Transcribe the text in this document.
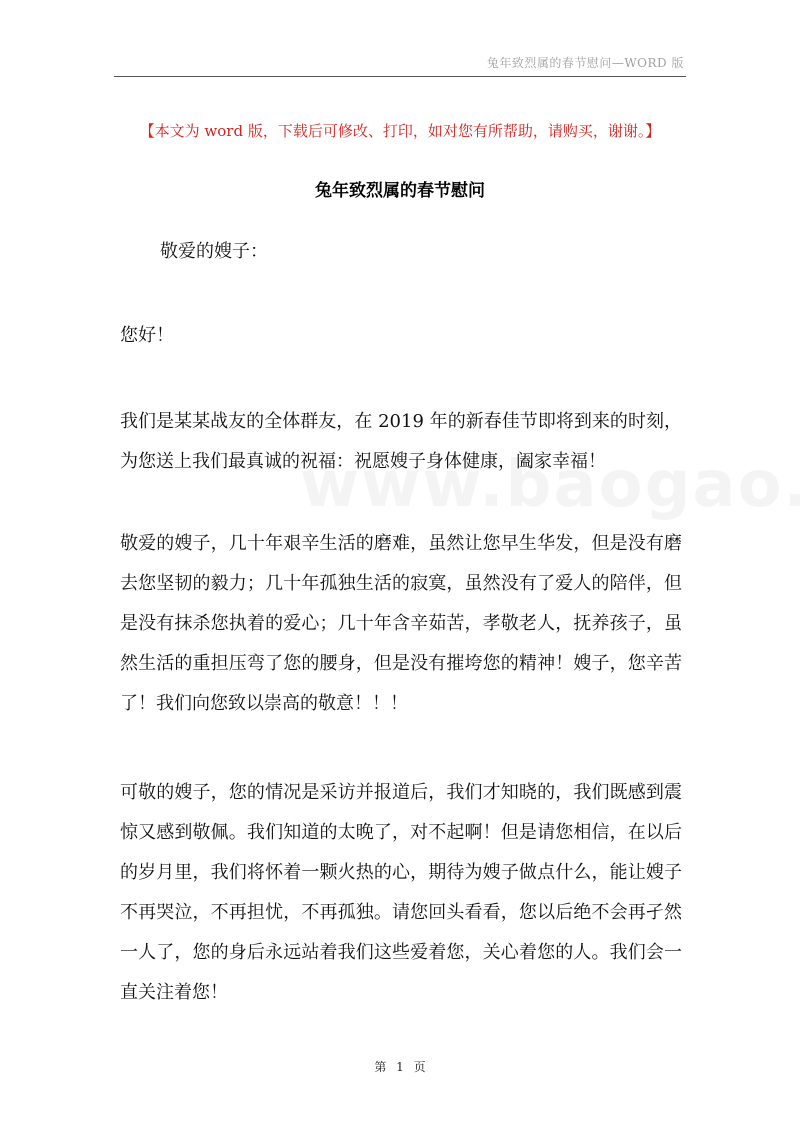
兔年致烈属的春节慰问—WORD 版
【本文为 word 版，下载后可修改、打印，如对您有所帮助，请购买，谢谢。】
兔年致烈属的春节慰问
敬爱的嫂子：
您好！
我们是某某战友的全体群友，在 2019 年的新春佳节即将到来的时刻，为您送上我们最真诚的祝福：祝愿嫂子身体健康，阖家幸福！
敬爱的嫂子，几十年艰辛生活的磨难，虽然让您早生华发，但是没有磨去您坚韧的毅力；几十年孤独生活的寂寞，虽然没有了爱人的陪伴，但是没有抹杀您执着的爱心；几十年含辛茹苦，孝敬老人，抚养孩子，虽然生活的重担压弯了您的腰身，但是没有摧垮您的精神！嫂子，您辛苦了！我们向您致以崇高的敬意！！！
可敬的嫂子，您的情况是采访并报道后，我们才知晓的，我们既感到震惊又感到敬佩。我们知道的太晚了，对不起啊！但是请您相信，在以后的岁月里，我们将怀着一颗火热的心，期待为嫂子做点什么，能让嫂子不再哭泣，不再担忧，不再孤独。请您回头看看，您以后绝不会再孑然一人了，您的身后永远站着我们这些爱着您，关心着您的人。我们会一直关注着您！
第 1 页
